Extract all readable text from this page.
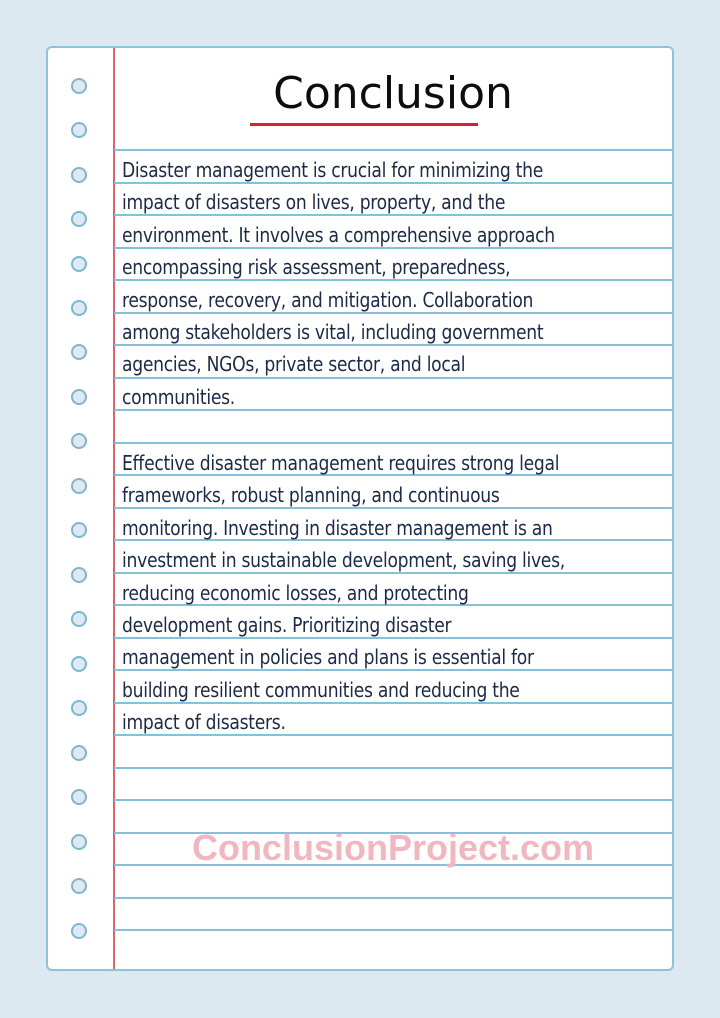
Conclusion
Disaster management is crucial for minimizing the
impact of disasters on lives, property, and the
environment. It involves a comprehensive approach
encompassing risk assessment, preparedness,
response, recovery, and mitigation. Collaboration
among stakeholders is vital, including government
agencies, NGOs, private sector, and local
communities.
Effective disaster management requires strong legal
frameworks, robust planning, and continuous
monitoring. Investing in disaster management is an
investment in sustainable development, saving lives,
reducing economic losses, and protecting
development gains. Prioritizing disaster
management in policies and plans is essential for
building resilient communities and reducing the
impact of disasters.
ConclusionProject.com
